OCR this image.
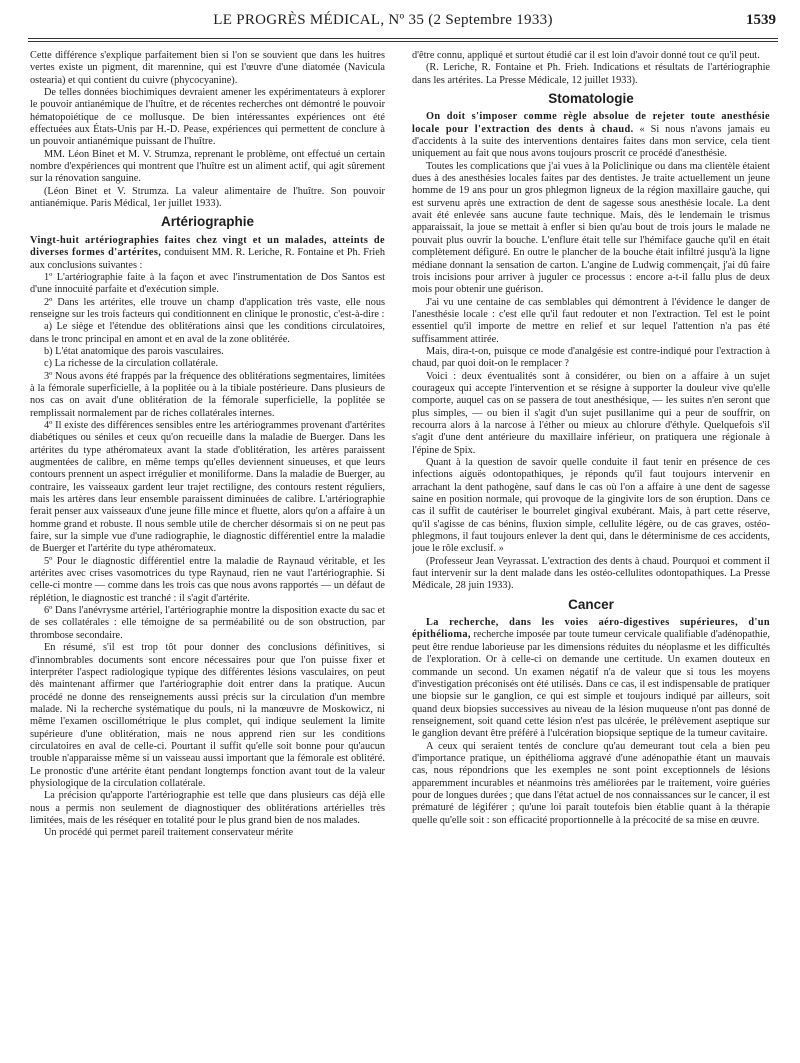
LE PROGRÈS MÉDICAL, Nº 35 (2 Septembre 1933)	1539

Cette différence s'explique parfaitement bien si l'on se souvient que dans les huitres vertes existe un pigment, dit marennine, qui est l'œuvre d'une diatomée (Navicula ostearia) et qui contient du cuivre (phycocyanine).

De telles données biochimiques devraient amener les expérimentateurs à explorer le pouvoir antianémique de l'huître, et de récentes recherches ont démontré le pouvoir hématopoiétique de ce mollusque. De bien intéressantes expériences ont été effectuées aux États-Unis par H.-D. Pease, expériences qui permettent de conclure à un pouvoir antianémique puissant de l'huître.

MM. Léon Binet et M. V. Strumza, reprenant le problème, ont effectué un certain nombre d'expériences qui montrent que l'huître est un aliment actif, qui agit sûrement sur la rénovation sanguine.

(Léon Binet et V. Strumza. La valeur alimentaire de l'huître. Son pouvoir antianémique. Paris Médical, 1er juillet 1933).

Artériographie

Vingt-huit artériographies faites chez vingt et un malades, atteints de diverses formes d'artérites, conduisent MM. R. Leriche, R. Fontaine et Ph. Frieh aux conclusions suivantes :

1º L'artériographie faite à la façon et avec l'instrumentation de Dos Santos est d'une innocuité parfaite et d'exécution simple.

2º Dans les artérites, elle trouve un champ d'application très vaste, elle nous renseigne sur les trois facteurs qui conditionnent en clinique le pronostic, c'est-à-dire :

a) Le siège et l'étendue des oblitérations ainsi que les conditions circulatoires, dans le tronc principal en amont et en aval de la zone oblitérée.

b) L'état anatomique des parois vasculaires.

c) La richesse de la circulation collatérale.

3º Nous avons été frappés par la fréquence des oblitérations segmentaires, limitées à la fémorale superficielle, à la poplitée ou à la tibiale postérieure. Dans plusieurs de nos cas on avait d'une oblitération de la fémorale superficielle, la poplitée se remplissait normalement par de riches collatérales internes.

4º Il existe des différences sensibles entre les artériogrammes provenant d'artérites diabétiques ou séniles et ceux qu'on recueille dans la maladie de Buerger. Dans les artérites du type athéromateux avant la stade d'oblitération, les artères paraissent augmentées de calibre, en même temps qu'elles deviennent sinueuses, et que leurs contours prennent un aspect irrégulier et moniliforme. Dans la maladie de Buerger, au contraire, les vaisseaux gardent leur trajet rectiligne, des contours restent réguliers, mais les artères dans leur ensemble paraissent diminuées de calibre. L'artériographie ferait penser aux vaisseaux d'une jeune fille mince et fluette, alors qu'on a affaire à un homme grand et robuste. Il nous semble utile de chercher désormais si on ne peut pas faire, sur la simple vue d'une radiographie, le diagnostic différentiel entre la maladie de Buerger et l'artérite du type athéromateux.

5º Pour le diagnostic différentiel entre la maladie de Raynaud véritable, et les artérites avec crises vasomotrices du type Raynaud, rien ne vaut l'artériographie. Si celle-ci montre — comme dans les trois cas que nous avons rapportés — un défaut de réplétion, le diagnostic est tranché : il s'agit d'artérite.

6º Dans l'anévrysme artériel, l'artériographie montre la disposition exacte du sac et de ses collatérales : elle témoigne de sa perméabilité ou de son obstruction, par thrombose secondaire.

En résumé, s'il est trop tôt pour donner des conclusions définitives, si d'innombrables documents sont encore nécessaires pour que l'on puisse fixer et interpréter l'aspect radiologique typique des différentes lésions vasculaires, on peut dès maintenant affirmer que l'artériographie doit entrer dans la pratique. Aucun procédé ne donne des renseignements aussi précis sur la circulation d'un membre malade. Ni la recherche systématique du pouls, ni la manœuvre de Moskowicz, ni même l'examen oscillométrique le plus complet, qui indique seulement la limite supérieure d'une oblitération, mais ne nous apprend rien sur les conditions circulatoires en aval de celle-ci. Pourtant il suffit qu'elle soit bonne pour qu'aucun trouble n'apparaisse même si un vaisseau aussi important que la fémorale est oblitéré. Le pronostic d'une artérite étant pendant longtemps fonction avant tout de la valeur physiologique de la circulation collatérale.

La précision qu'apporte l'artériographie est telle que dans plusieurs cas déjà elle nous a permis non seulement de diagnostiquer des oblitérations artérielles très limitées, mais de les réséquer en totalité pour le plus grand bien de nos malades.

Un procédé qui permet pareil traitement conservateur mérite

d'être connu, appliqué et surtout étudié car il est loin d'avoir donné tout ce qu'il peut.

(R. Leriche, R. Fontaine et Ph. Frieh. Indications et résultats de l'artériographie dans les artérites. La Presse Médicale, 12 juillet 1933).

Stomatologie

On doit s'imposer comme règle absolue de rejeter toute anesthésie locale pour l'extraction des dents à chaud. « Si nous n'avons jamais eu d'accidents à la suite des interventions dentaires faites dans mon service, cela tient uniquement au fait que nous avons toujours proscrit ce procédé d'anesthésie.

Toutes les complications que j'ai vues à la Policlinique ou dans ma clientèle étaient dues à des anesthésies locales faites par des dentistes. Je traite actuellement un jeune homme de 19 ans pour un gros phlegmon ligneux de la région maxillaire gauche, qui est survenu après une extraction de dent de sagesse sous anesthésie locale. La dent avait été enlevée sans aucune faute technique. Mais, dès le lendemain le trismus apparaissait, la joue se mettait à enfler si bien qu'au bout de trois jours le malade ne pouvait plus ouvrir la bouche. L'enflure était telle sur l'hémiface gauche qu'il en était complètement défiguré. En outre le plancher de la bouche était infiltré jusqu'à la ligne médiane donnant la sensation de carton. L'angine de Ludwig commençait, j'ai dû faire trois incisions pour arriver à juguler ce processus : encore a-t-il fallu plus de deux mois pour obtenir une guérison.

J'ai vu une centaine de cas semblables qui démontrent à l'évidence le danger de l'anesthésie locale : c'est elle qu'il faut redouter et non l'extraction. Tel est le point essentiel qu'il importe de mettre en relief et sur lequel l'attention n'a pas été suffisamment attirée.

Mais, dira-t-on, puisque ce mode d'analgésie est contre-indiqué pour l'extraction à chaud, par quoi doit-on le remplacer ?

Voici : deux éventualités sont à considérer, ou bien on a affaire à un sujet courageux qui accepte l'intervention et se résigne à supporter la douleur vive qu'elle comporte, auquel cas on se passera de tout anesthésique, — les suites n'en seront que plus simples, — ou bien il s'agit d'un sujet pusillanime qui a peur de souffrir, on recourra alors à la narcose à l'éther ou mieux au chlorure d'éthyle. Quelquefois s'il s'agit d'une dent antérieure du maxillaire inférieur, on pratiquera une régionale à l'épine de Spix.

Quant à la question de savoir quelle conduite il faut tenir en présence de ces infections aiguës odontopathiques, je réponds qu'il faut toujours intervenir en arrachant la dent pathogène, sauf dans le cas où l'on a affaire à une dent de sagesse saine en position normale, qui provoque de la gingivite lors de son éruption. Dans ce cas il suffit de cautériser le bourrelet gingival exubérant. Mais, à part cette réserve, qu'il s'agisse de cas bénins, fluxion simple, cellulite légère, ou de cas graves, ostéo-phlegmons, il faut toujours enlever la dent qui, dans le déterminisme de ces accidents, joue le rôle exclusif. »

(Professeur Jean Veyrassat. L'extraction des dents à chaud. Pourquoi et comment il faut intervenir sur la dent malade dans les ostéo-cellulites odontopathiques. La Presse Médicale, 28 juin 1933).

Cancer

La recherche, dans les voies aéro-digestives supérieures, d'un épithélioma, recherche imposée par toute tumeur cervicale qualifiable d'adénopathie, peut être rendue laborieuse par les dimensions réduites du néoplasme et les difficultés de l'exploration. Or à celle-ci on demande une certitude. Un examen douteux en commande un second. Un examen négatif n'a de valeur que si tous les moyens d'investigation préconisés ont été utilisés. Dans ce cas, il est indispensable de pratiquer une biopsie sur le ganglion, ce qui est simple et toujours indiqué par ailleurs, soit quand deux biopsies successives au niveau de la lésion muqueuse n'ont pas donné de renseignement, soit quand cette lésion n'est pas ulcérée, le prélèvement aseptique sur le ganglion devant être préféré à l'ulcération biopsique septique de la tumeur cavitaire.

A ceux qui seraient tentés de conclure qu'au demeurant tout cela a bien peu d'importance pratique, un épithélioma aggravé d'une adénopathie étant un mauvais cas, nous répondrions que les exemples ne sont point exceptionnels de lésions apparemment incurables et néanmoins très améliorées par le traitement, voire guéries pour de longues durées ; que dans l'état actuel de nos connaissances sur le cancer, il est prématuré de légiférer ; qu'une loi paraît toutefois bien établie quant à la thérapie quelle qu'elle soit : son efficacité proportionnelle à la précocité de sa mise en œuvre.
